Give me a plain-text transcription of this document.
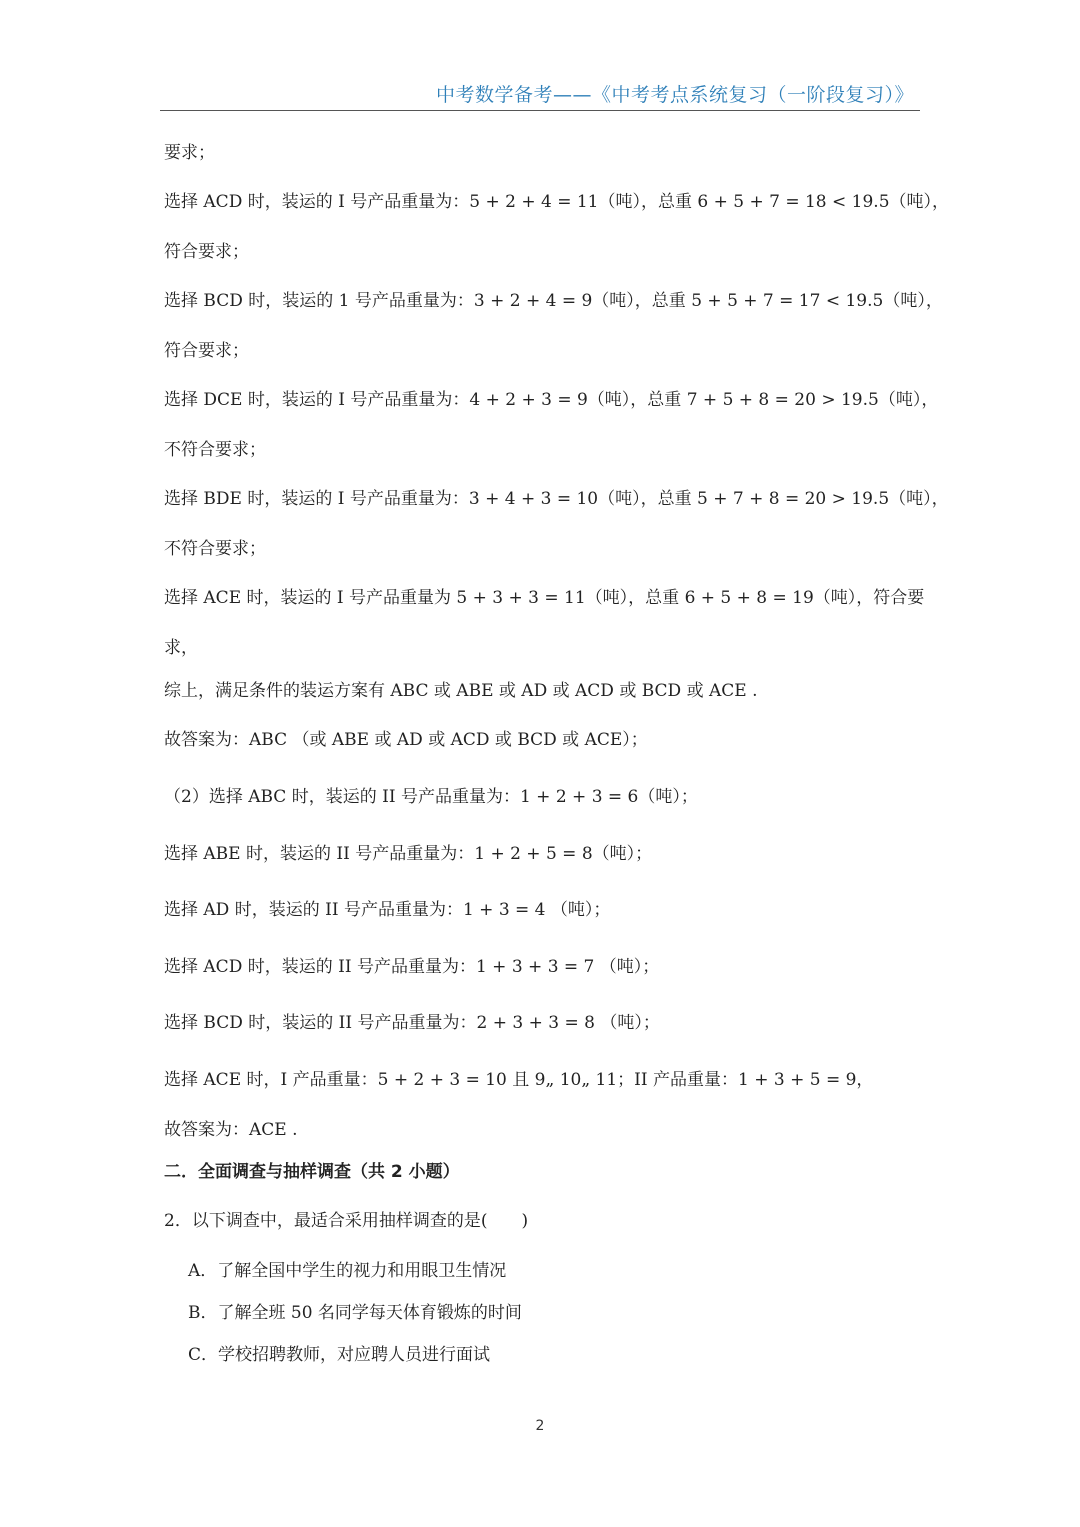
中考数学备考——《中考考点系统复习（一阶段复习）》
要求；
选择 ACD 时，装运的 I 号产品重量为：5 + 2 + 4 = 11（吨），总重 6 + 5 + 7 = 18 < 19.5（吨），
符合要求；
选择 BCD 时，装运的 1 号产品重量为：3 + 2 + 4 = 9（吨），总重 5 + 5 + 7 = 17 < 19.5（吨），
符合要求；
选择 DCE 时，装运的 I 号产品重量为：4 + 2 + 3 = 9（吨），总重 7 + 5 + 8 = 20 > 19.5（吨），
不符合要求；
选择 BDE 时，装运的 I 号产品重量为：3 + 4 + 3 = 10（吨），总重 5 + 7 + 8 = 20 > 19.5（吨），
不符合要求；
选择 ACE 时，装运的 I 号产品重量为 5 + 3 + 3 = 11（吨），总重 6 + 5 + 8 = 19（吨），符合要
求，
综上，满足条件的装运方案有 ABC 或 ABE 或 AD 或 ACD 或 BCD 或 ACE .
故答案为：ABC （或 ABE 或 AD 或 ACD 或 BCD 或 ACE）；
（2）选择 ABC 时，装运的 II 号产品重量为：1 + 2 + 3 = 6（吨）；
选择 ABE 时，装运的 II 号产品重量为：1 + 2 + 5 = 8（吨）；
选择 AD 时，装运的 II 号产品重量为：1 + 3 = 4 （吨）；
选择 ACD 时，装运的 II 号产品重量为：1 + 3 + 3 = 7 （吨）；
选择 BCD 时，装运的 II 号产品重量为：2 + 3 + 3 = 8 （吨）；
选择 ACE 时，I 产品重量：5 + 2 + 3 = 10 且 9„ 10„ 11；II 产品重量：1 + 3 + 5 = 9，
故答案为：ACE .
二．全面调查与抽样调查（共 2 小题）
2．以下调查中，最适合采用抽样调查的是(　　)
A．了解全国中学生的视力和用眼卫生情况
B．了解全班 50 名同学每天体育锻炼的时间
C．学校招聘教师，对应聘人员进行面试
2
